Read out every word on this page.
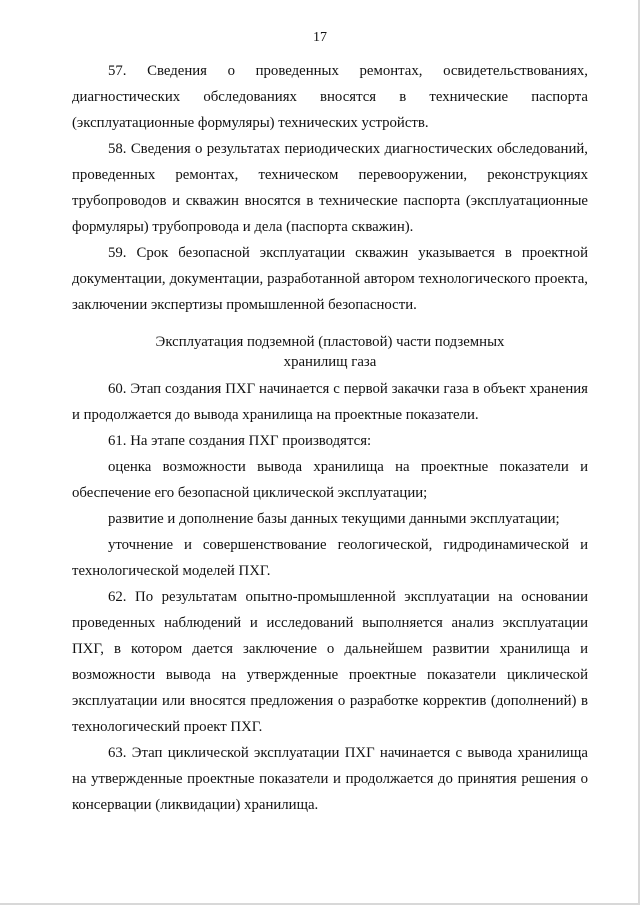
17

57. Сведения о проведенных ремонтах, освидетельствованиях, диагностических обследованиях вносятся в технические паспорта (эксплуатационные формуляры) технических устройств.

58. Сведения о результатах периодических диагностических обследований, проведенных ремонтах, техническом перевооружении, реконструкциях трубопроводов и скважин вносятся в технические паспорта (эксплуатационные формуляры) трубопровода и дела (паспорта скважин).

59. Срок безопасной эксплуатации скважин указывается в проектной документации, документации, разработанной автором технологического проекта, заключении экспертизы промышленной безопасности.

Эксплуатация подземной (пластовой) части подземных
хранилищ газа

60. Этап создания ПХГ начинается с первой закачки газа в объект хранения и продолжается до вывода хранилища на проектные показатели.

61. На этапе создания ПХГ производятся:

оценка возможности вывода хранилища на проектные показатели и обеспечение его безопасной циклической эксплуатации;

развитие и дополнение базы данных текущими данными эксплуатации;

уточнение и совершенствование геологической, гидродинамической и технологической моделей ПХГ.

62. По результатам опытно-промышленной эксплуатации на основании проведенных наблюдений и исследований выполняется анализ эксплуатации ПХГ, в котором дается заключение о дальнейшем развитии хранилища и возможности вывода на утвержденные проектные показатели циклической эксплуатации или вносятся предложения о разработке корректив (дополнений) в технологический проект ПХГ.

63. Этап циклической эксплуатации ПХГ начинается с вывода хранилища на утвержденные проектные показатели и продолжается до принятия решения о консервации (ликвидации) хранилища.
